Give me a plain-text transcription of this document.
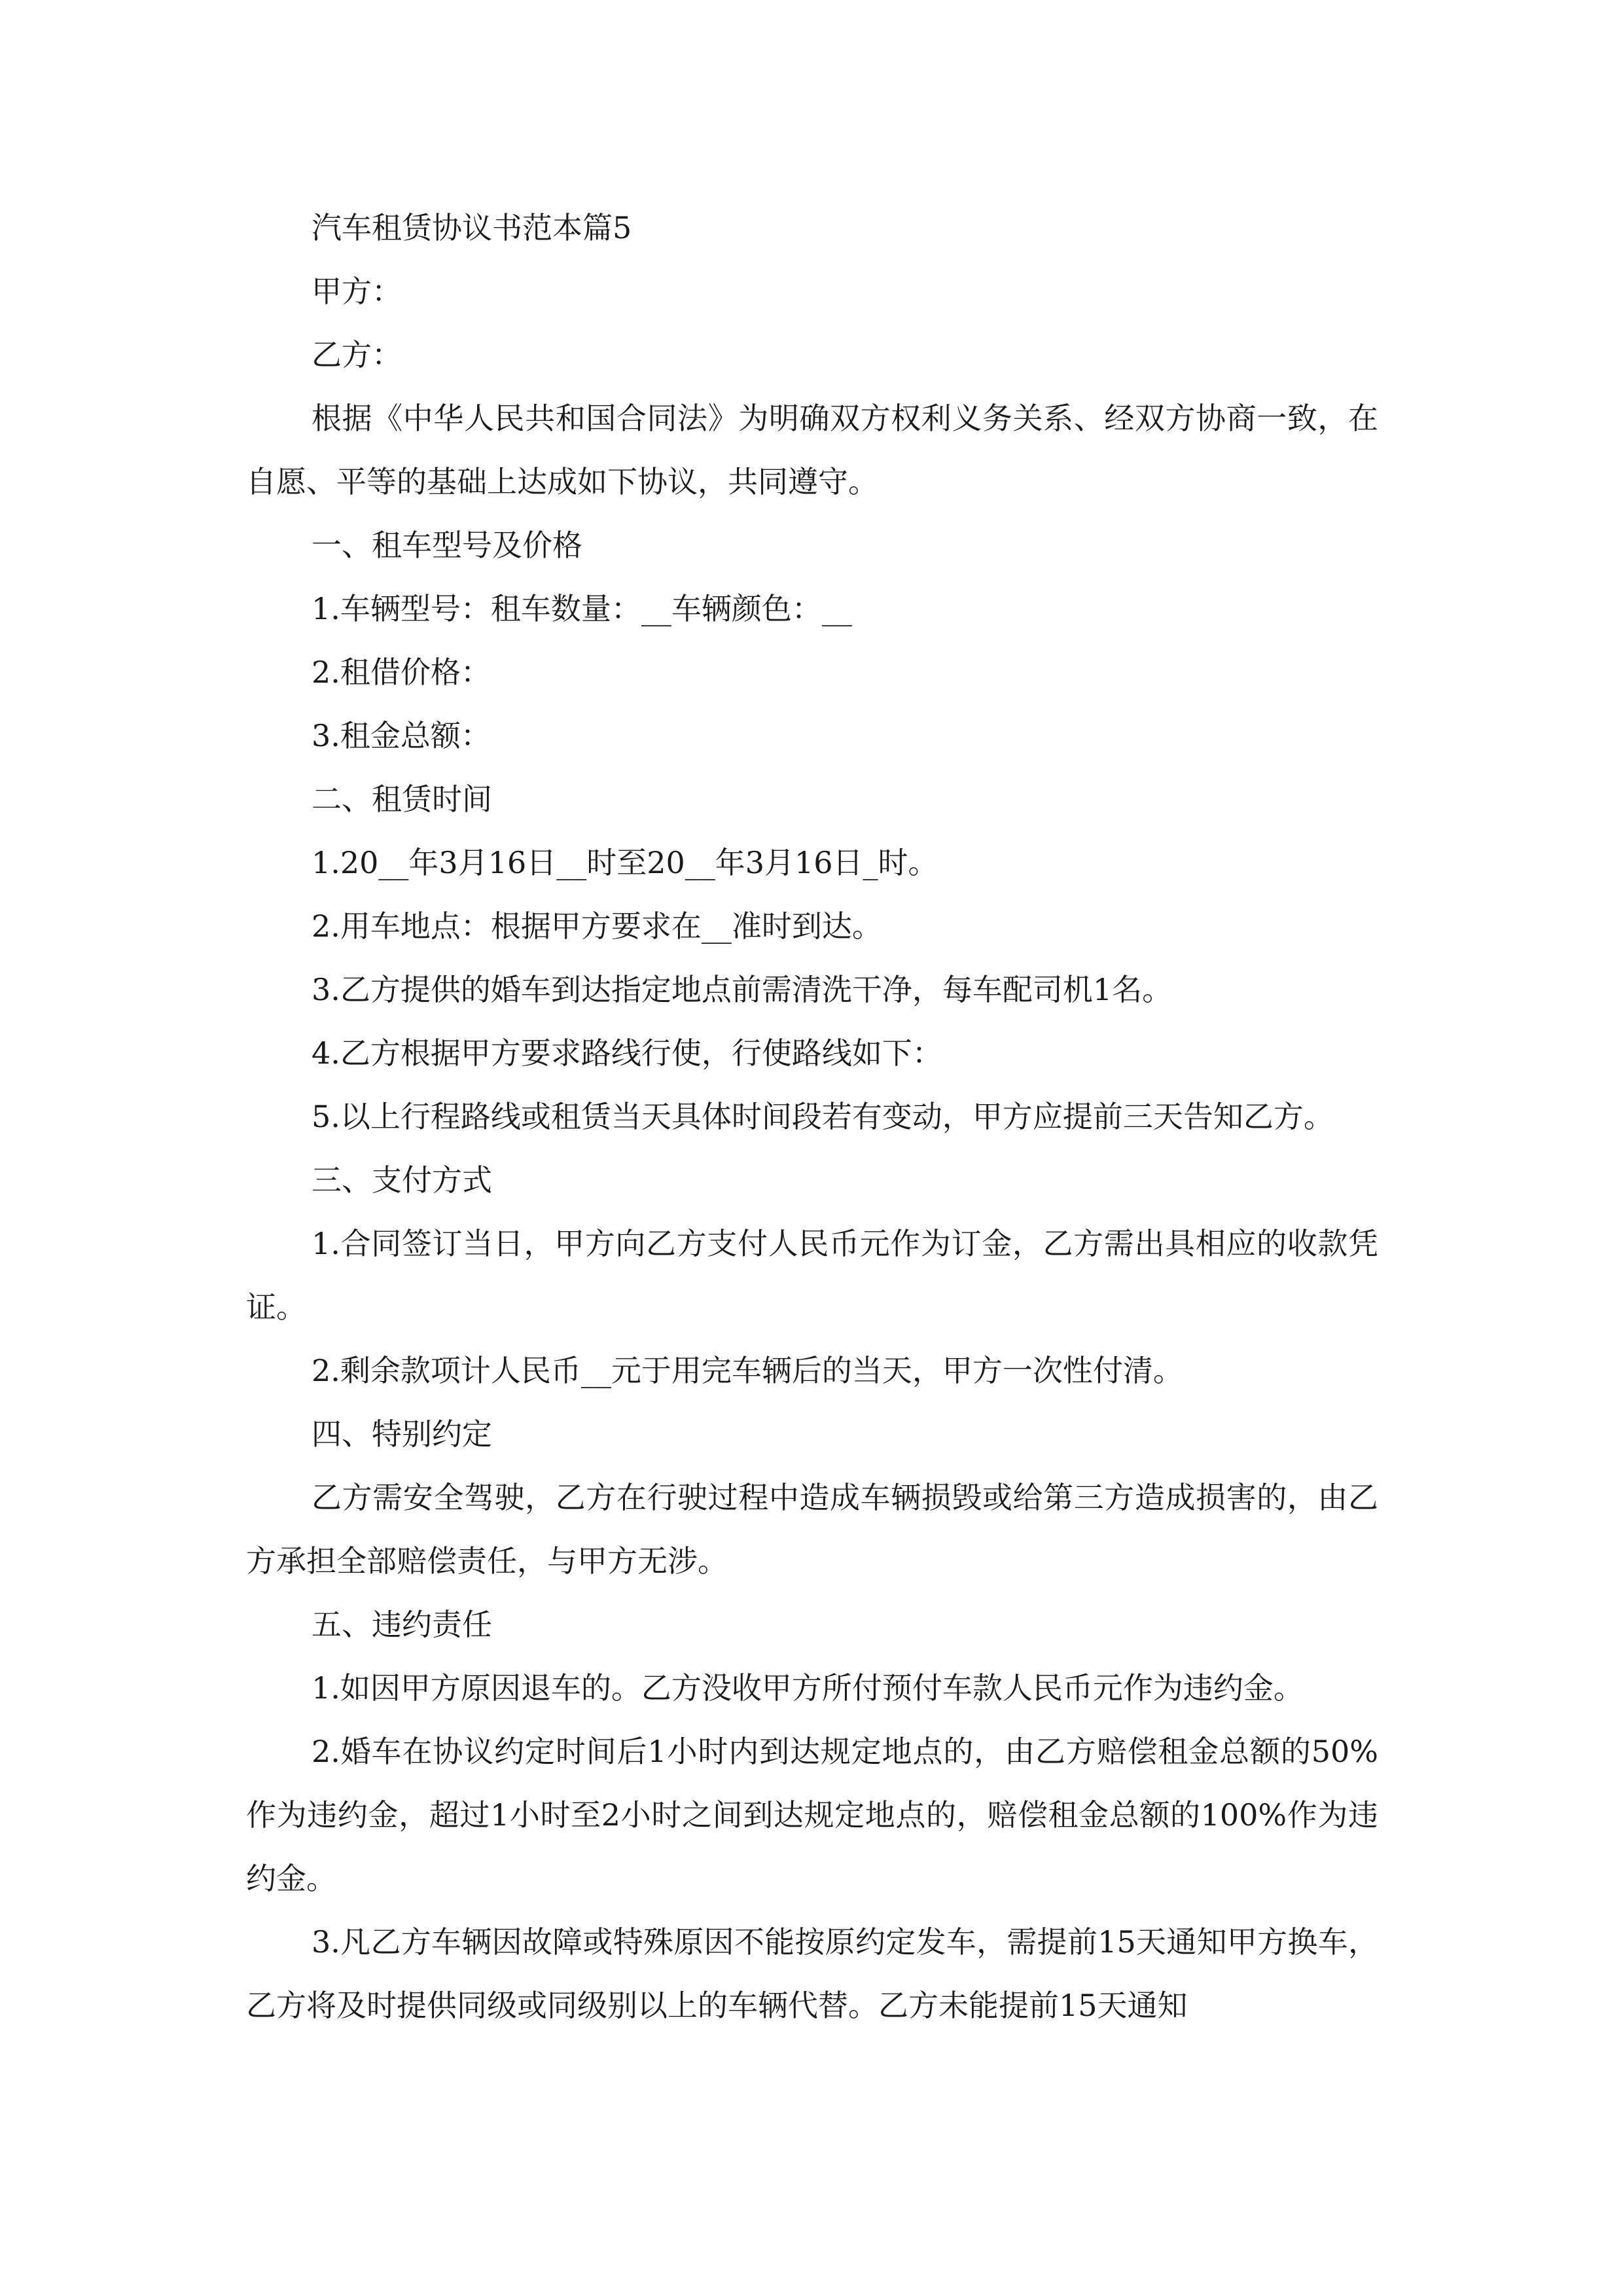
汽车租赁协议书范本篇5

甲方：

乙方：

根据《中华人民共和国合同法》为明确双方权利义务关系、经双方协商一致，在自愿、平等的基础上达成如下协议，共同遵守。

一、租车型号及价格

1.车辆型号：租车数量：__车辆颜色：__

2.租借价格：

3.租金总额：

二、租赁时间

1.20__年3月16日__时至20__年3月16日_时。

2.用车地点：根据甲方要求在__准时到达。

3.乙方提供的婚车到达指定地点前需清洗干净，每车配司机1名。

4.乙方根据甲方要求路线行使，行使路线如下：

5.以上行程路线或租赁当天具体时间段若有变动，甲方应提前三天告知乙方。

三、支付方式

1.合同签订当日，甲方向乙方支付人民币元作为订金，乙方需出具相应的收款凭证。

2.剩余款项计人民币__元于用完车辆后的当天，甲方一次性付清。

四、特别约定

乙方需安全驾驶，乙方在行驶过程中造成车辆损毁或给第三方造成损害的，由乙方承担全部赔偿责任，与甲方无涉。

五、违约责任

1.如因甲方原因退车的。乙方没收甲方所付预付车款人民币元作为违约金。

2.婚车在协议约定时间后1小时内到达规定地点的，由乙方赔偿租金总额的50%作为违约金，超过1小时至2小时之间到达规定地点的，赔偿租金总额的100%作为违约金。

3.凡乙方车辆因故障或特殊原因不能按原约定发车，需提前15天通知甲方换车，乙方将及时提供同级或同级别以上的车辆代替。乙方未能提前15天通知
